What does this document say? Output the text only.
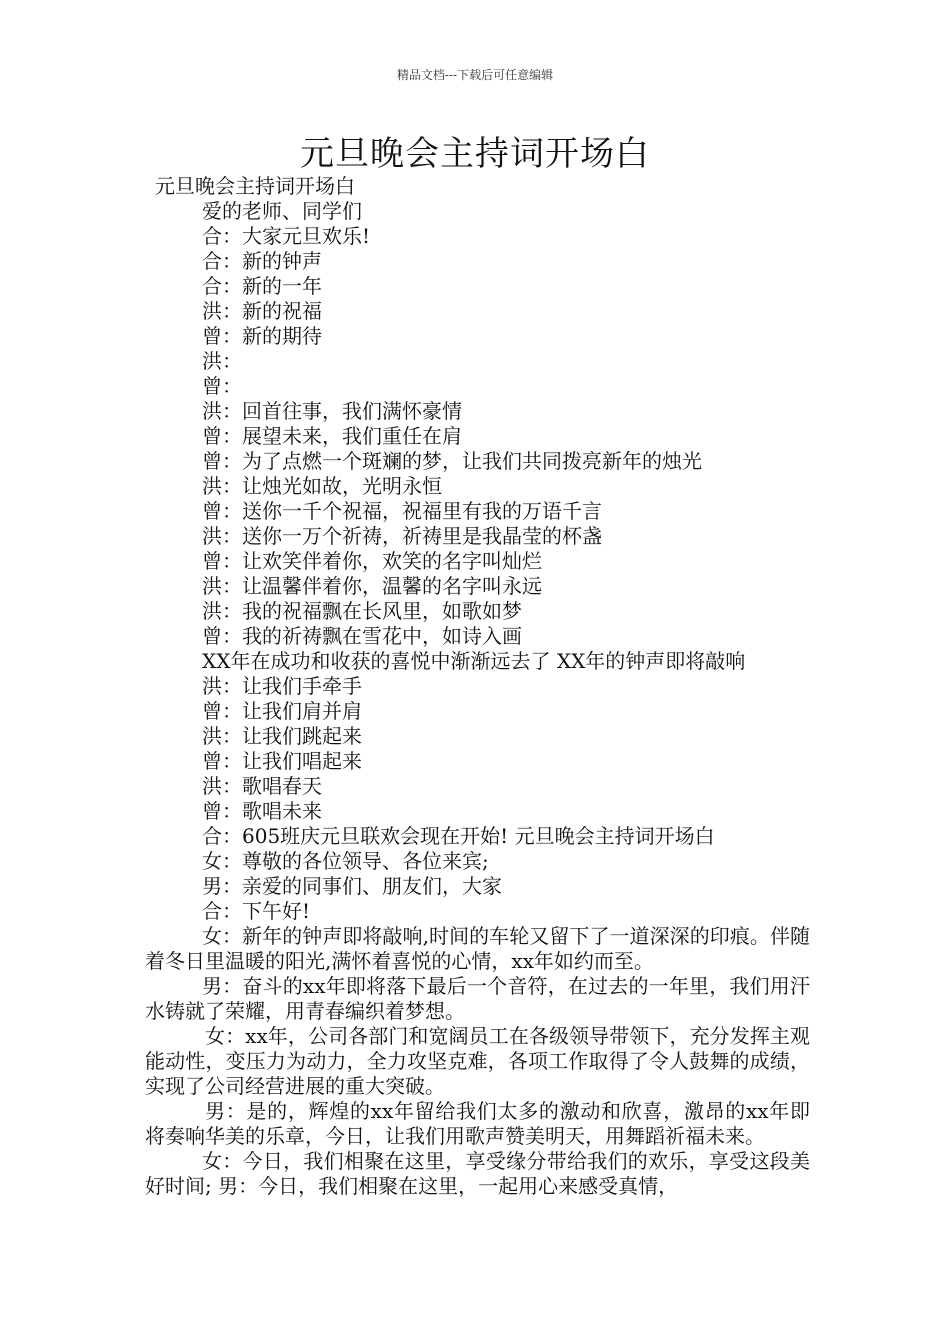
精品文档---下载后可任意编辑
元旦晚会主持词开场白
元旦晚会主持词开场白
爱的老师、同学们
合：大家元旦欢乐!
合：新的钟声
合：新的一年
洪：新的祝福
曾：新的期待
洪：
曾：
洪：回首往事，我们满怀豪情
曾：展望未来，我们重任在肩
曾：为了点燃一个斑斓的梦，让我们共同拨亮新年的烛光
洪：让烛光如故，光明永恒
曾：送你一千个祝福，祝福里有我的万语千言
洪：送你一万个祈祷，祈祷里是我晶莹的杯盏
曾：让欢笑伴着你，欢笑的名字叫灿烂
洪：让温馨伴着你，温馨的名字叫永远
洪：我的祝福飘在长风里，如歌如梦
曾：我的祈祷飘在雪花中，如诗入画
XX年在成功和收获的喜悦中渐渐远去了 XX年的钟声即将敲响
洪：让我们手牵手
曾：让我们肩并肩
洪：让我们跳起来
曾：让我们唱起来
洪：歌唱春天
曾：歌唱未来
合：605班庆元旦联欢会现在开始! 元旦晚会主持词开场白
女：尊敬的各位领导、各位来宾;
男：亲爱的同事们、朋友们，大家
合：下午好!
女：新年的钟声即将敲响,时间的车轮又留下了一道深深的印痕。伴随着冬日里温暖的阳光,满怀着喜悦的心情，xx年如约而至。
男：奋斗的xx年即将落下最后一个音符，在过去的一年里，我们用汗水铸就了荣耀，用青春编织着梦想。
女：xx年，公司各部门和宽阔员工在各级领导带领下，充分发挥主观能动性，变压力为动力，全力攻坚克难，各项工作取得了令人鼓舞的成绩，实现了公司经营进展的重大突破。
男：是的，辉煌的xx年留给我们太多的激动和欣喜，激昂的xx年即将奏响华美的乐章，今日，让我们用歌声赞美明天，用舞蹈祈福未来。
女：今日，我们相聚在这里，享受缘分带给我们的欢乐，享受这段美好时间; 男：今日，我们相聚在这里，一起用心来感受真情，
